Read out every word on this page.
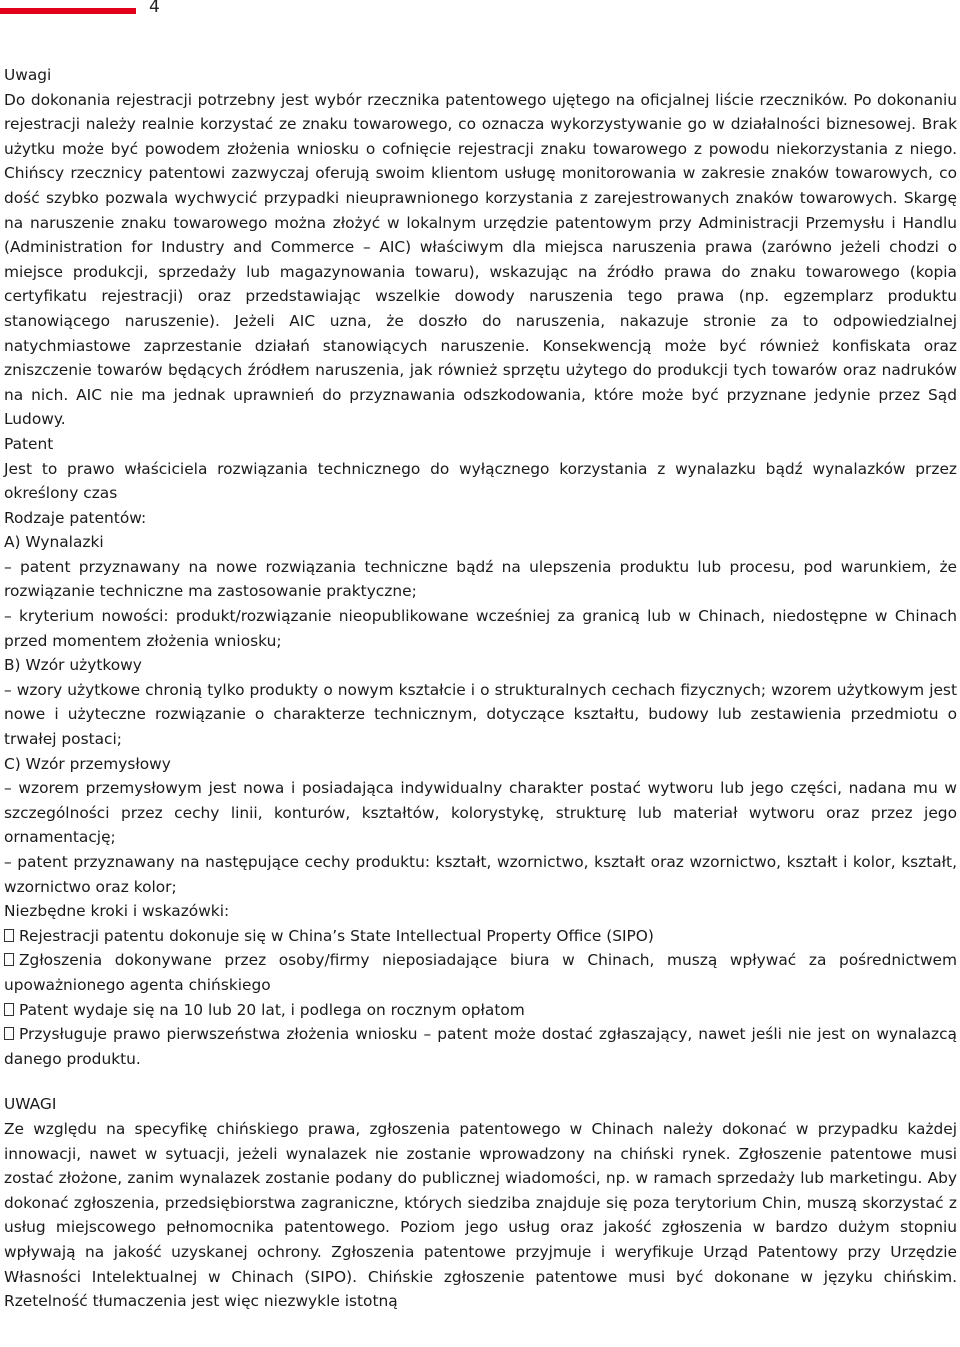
4

Uwagi

Do dokonania rejestracji potrzebny jest wybór rzecznika patentowego ujętego na oficjalnej liście rzeczników. Po dokonaniu rejestracji należy realnie korzystać ze znaku towarowego, co oznacza wykorzystywanie go w działalności biznesowej. Brak użytku może być powodem złożenia wniosku o cofnięcie rejestracji znaku towarowego z powodu niekorzystania z niego. Chińscy rzecznicy patentowi zazwyczaj oferują swoim klientom usługę monitorowania w zakresie znaków towarowych, co dość szybko pozwala wychwycić przypadki nieuprawnionego korzystania z zarejestrowanych znaków towarowych. Skargę na naruszenie znaku towarowego można złożyć w lokalnym urzędzie patentowym przy Administracji Przemysłu i Handlu (Administration for Industry and Commerce – AIC) właściwym dla miejsca naruszenia prawa (zarówno jeżeli chodzi o miejsce produkcji, sprzedaży lub magazynowania towaru), wskazując na źródło prawa do znaku towarowego (kopia certyfikatu rejestracji) oraz przedstawiając wszelkie dowody naruszenia tego prawa (np. egzemplarz produktu stanowiącego naruszenie). Jeżeli AIC uzna, że doszło do naruszenia, nakazuje stronie za to odpowiedzialnej natychmiastowe zaprzestanie działań stanowiących naruszenie. Konsekwencją może być również konfiskata oraz zniszczenie towarów będących źródłem naruszenia, jak również sprzętu użytego do produkcji tych towarów oraz nadruków na nich. AIC nie ma jednak uprawnień do przyznawania odszkodowania, które może być przyznane jedynie przez Sąd Ludowy.

Patent

Jest to prawo właściciela rozwiązania technicznego do wyłącznego korzystania z wynalazku bądź wynalazków przez określony czas

Rodzaje patentów:

A) Wynalazki

– patent przyznawany na nowe rozwiązania techniczne bądź na ulepszenia produktu lub procesu, pod warunkiem, że rozwiązanie techniczne ma zastosowanie praktyczne;

– kryterium nowości: produkt/rozwiązanie nieopublikowane wcześniej za granicą lub w Chinach, niedostępne w Chinach przed momentem złożenia wniosku;

B) Wzór użytkowy

– wzory użytkowe chronią tylko produkty o nowym kształcie i o strukturalnych cechach fizycznych; wzorem użytkowym jest nowe i użyteczne rozwiązanie o charakterze technicznym, dotyczące kształtu, budowy lub zestawienia przedmiotu o trwałej postaci;

C) Wzór przemysłowy

– wzorem przemysłowym jest nowa i posiadająca indywidualny charakter postać wytworu lub jego części, nadana mu w szczególności przez cechy linii, konturów, kształtów, kolorystykę, strukturę lub materiał wytworu oraz przez jego ornamentację;

– patent przyznawany na następujące cechy produktu: kształt, wzornictwo, kształt oraz wzornictwo, kształt i kolor, kształt, wzornictwo oraz kolor;

Niezbędne kroki i wskazówki:

Rejestracji patentu dokonuje się w China’s State Intellectual Property Office (SIPO)

Zgłoszenia dokonywane przez osoby/firmy nieposiadające biura w Chinach, muszą wpływać za pośrednictwem upoważnionego agenta chińskiego

Patent wydaje się na 10 lub 20 lat, i podlega on rocznym opłatom

Przysługuje prawo pierwszeństwa złożenia wniosku – patent może dostać zgłaszający, nawet jeśli nie jest on wynalazcą danego produktu.

UWAGI

Ze względu na specyfikę chińskiego prawa, zgłoszenia patentowego w Chinach należy dokonać w przypadku każdej innowacji, nawet w sytuacji, jeżeli wynalazek nie zostanie wprowadzony na chiński rynek. Zgłoszenie patentowe musi zostać złożone, zanim wynalazek zostanie podany do publicznej wiadomości, np. w ramach sprzedaży lub marketingu. Aby dokonać zgłoszenia, przedsiębiorstwa zagraniczne, których siedziba znajduje się poza terytorium Chin, muszą skorzystać z usług miejscowego pełnomocnika patentowego. Poziom jego usług oraz jakość zgłoszenia w bardzo dużym stopniu wpływają na jakość uzyskanej ochrony. Zgłoszenia patentowe przyjmuje i weryfikuje Urząd Patentowy przy Urzędzie Własności Intelektualnej w Chinach (SIPO). Chińskie zgłoszenie patentowe musi być dokonane w języku chińskim. Rzetelność tłumaczenia jest więc niezwykle istotną
